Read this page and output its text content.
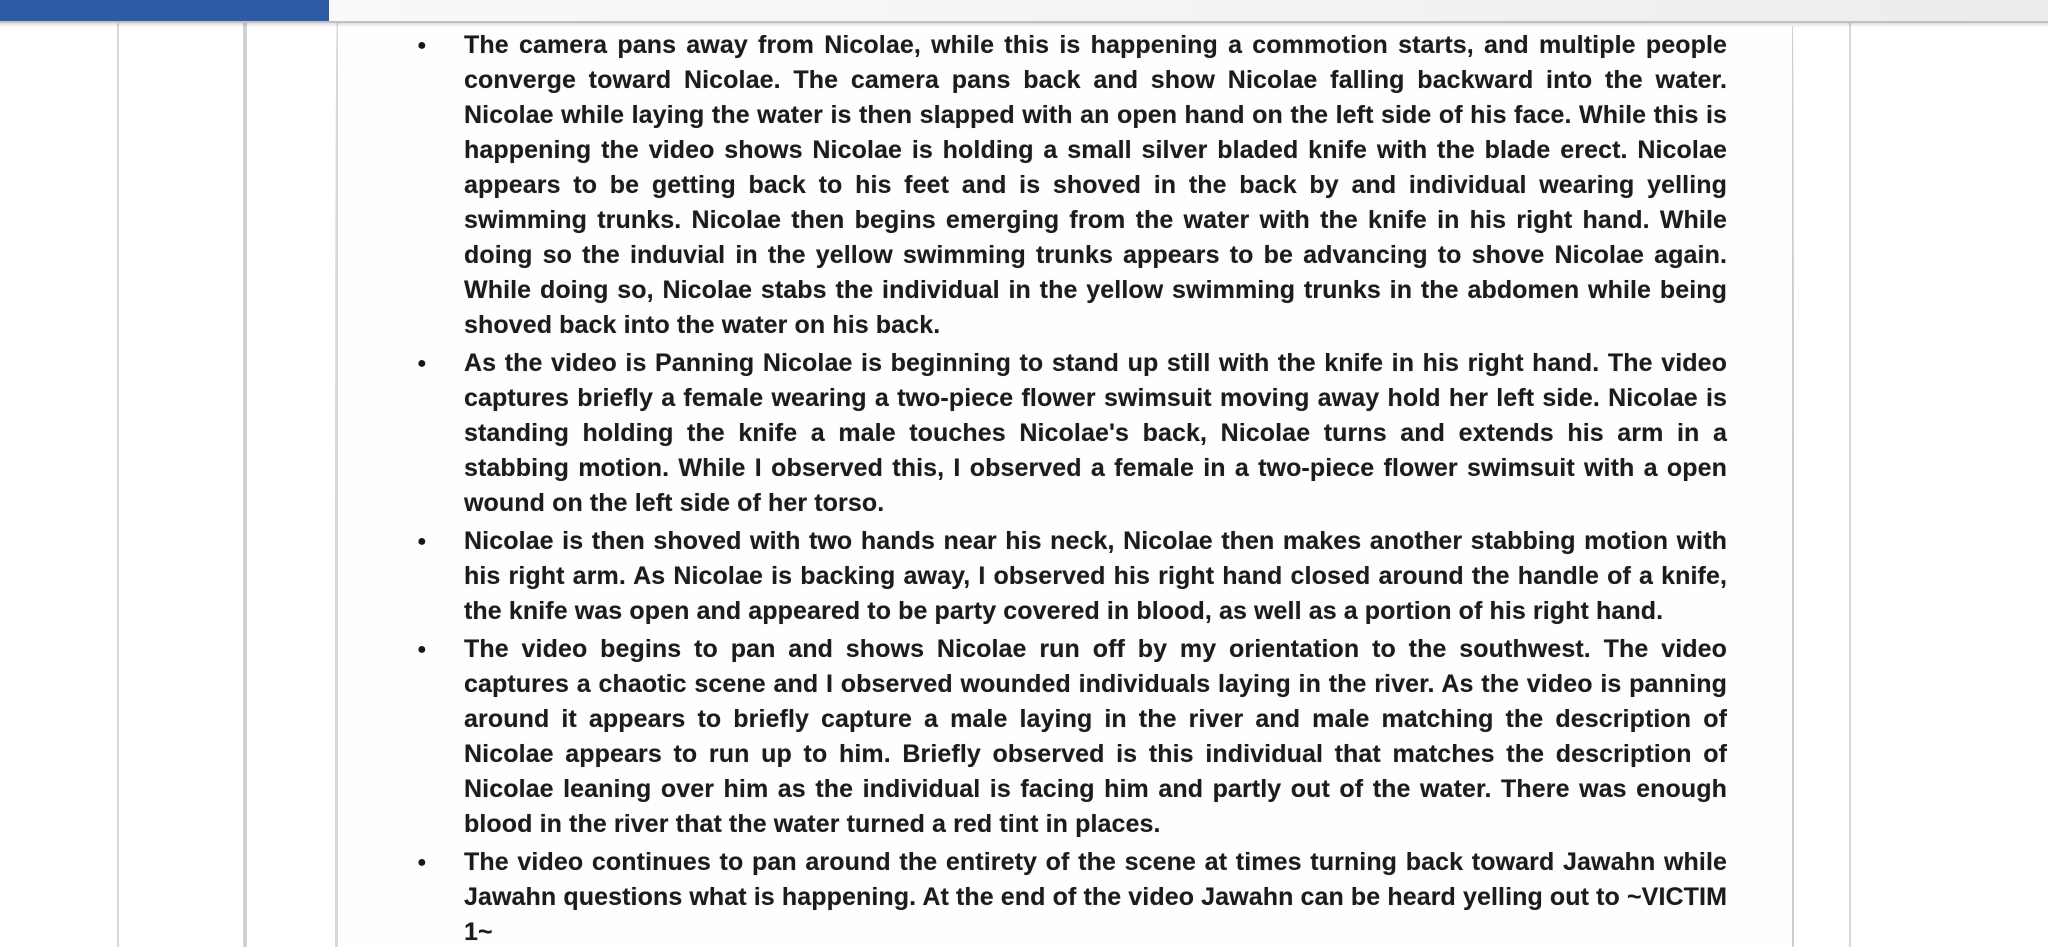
●	The camera pans away from Nicolae, while this is happening a commotion starts, and multiple people converge toward Nicolae. The camera pans back and show Nicolae falling backward into the water. Nicolae while laying the water is then slapped with an open hand on the left side of his face. While this is happening the video shows Nicolae is holding a small silver bladed knife with the blade erect. Nicolae appears to be getting back to his feet and is shoved in the back by and individual wearing yelling swimming trunks. Nicolae then begins emerging from the water with the knife in his right hand. While doing so the induvial in the yellow swimming trunks appears to be advancing to shove Nicolae again. While doing so, Nicolae stabs the individual in the yellow swimming trunks in the abdomen while being shoved back into the water on his back.

●	As the video is Panning Nicolae is beginning to stand up still with the knife in his right hand. The video captures briefly a female wearing a two-piece flower swimsuit moving away hold her left side. Nicolae is standing holding the knife a male touches Nicolae's back, Nicolae turns and extends his arm in a stabbing motion. While I observed this, I observed a female in a two-piece flower swimsuit with a open wound on the left side of her torso.

●	Nicolae is then shoved with two hands near his neck, Nicolae then makes another stabbing motion with his right arm. As Nicolae is backing away, I observed his right hand closed around the handle of a knife, the knife was open and appeared to be party covered in blood, as well as a portion of his right hand.

●	The video begins to pan and shows Nicolae run off by my orientation to the southwest. The video captures a chaotic scene and I observed wounded individuals laying in the river. As the video is panning around it appears to briefly capture a male laying in the river and male matching the description of Nicolae appears to run up to him. Briefly observed is this individual that matches the description of Nicolae leaning over him as the individual is facing him and partly out of the water. There was enough blood in the river that the water turned a red tint in places.

●	The video continues to pan around the entirety of the scene at times turning back toward Jawahn while Jawahn questions what is happening. At the end of the video Jawahn can be heard yelling out to ~VICTIM 1~
